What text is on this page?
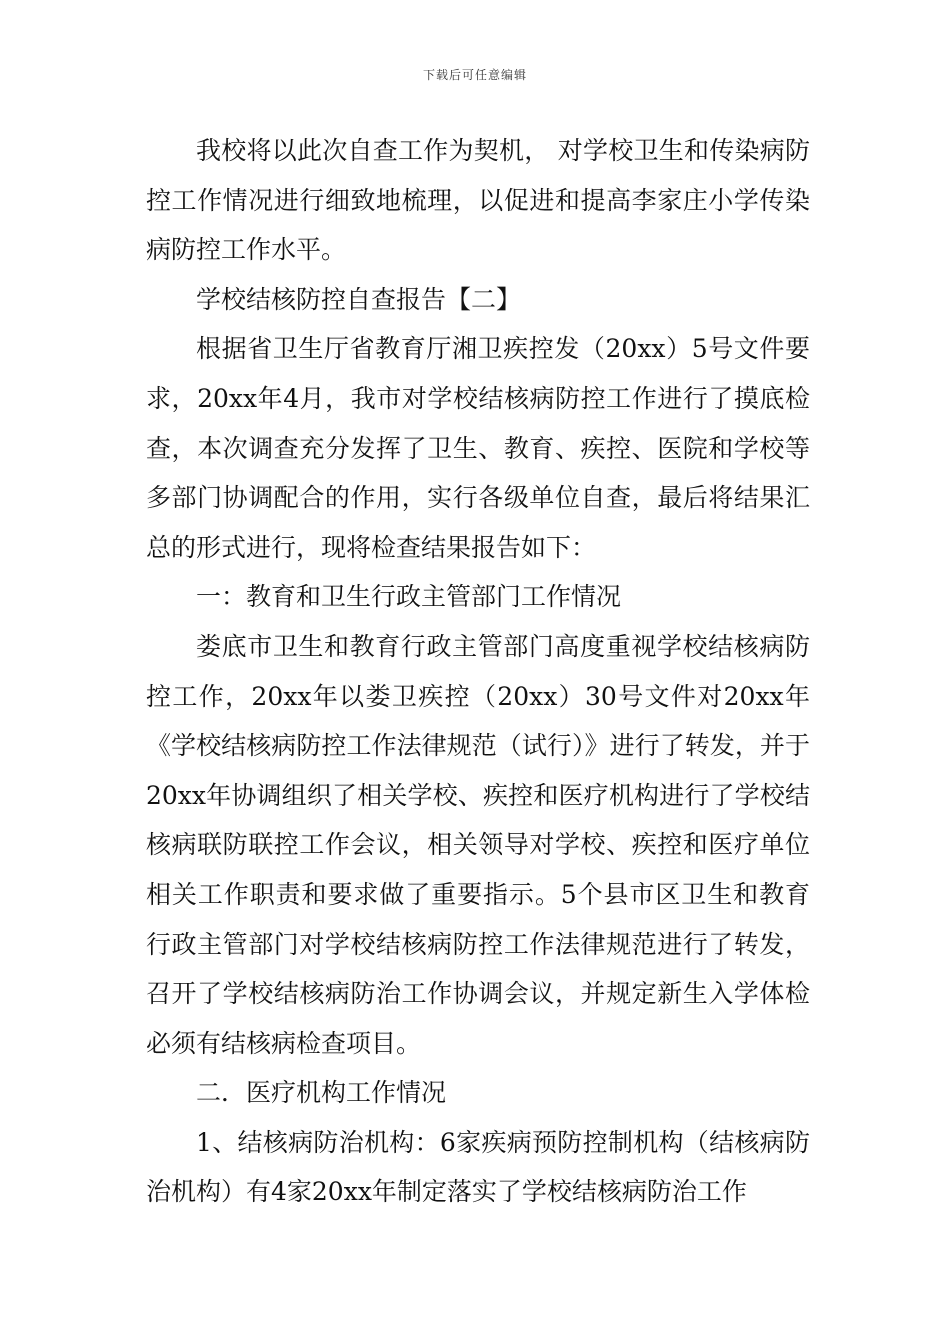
下载后可任意编辑

我校将以此次自查工作为契机， 对学校卫生和传染病防控工作情况进行细致地梳理，以促进和提高李家庄小学传染病防控工作水平。

学校结核防控自查报告【二】

根据省卫生厅省教育厅湘卫疾控发（20xx）5号文件要求，20xx年4月，我市对学校结核病防控工作进行了摸底检查，本次调查充分发挥了卫生、教育、疾控、医院和学校等多部门协调配合的作用，实行各级单位自查，最后将结果汇总的形式进行，现将检查结果报告如下：

一：教育和卫生行政主管部门工作情况

娄底市卫生和教育行政主管部门高度重视学校结核病防控工作，20xx年以娄卫疾控（20xx）30号文件对20xx年《学校结核病防控工作法律规范（试行）》进行了转发，并于20xx年协调组织了相关学校、疾控和医疗机构进行了学校结核病联防联控工作会议，相关领导对学校、疾控和医疗单位相关工作职责和要求做了重要指示。5个县市区卫生和教育行政主管部门对学校结核病防控工作法律规范进行了转发，召开了学校结核病防治工作协调会议，并规定新生入学体检必须有结核病检查项目。

二．医疗机构工作情况

1、结核病防治机构：6家疾病预防控制机构（结核病防治机构）有4家20xx年制定落实了学校结核病防治工作
